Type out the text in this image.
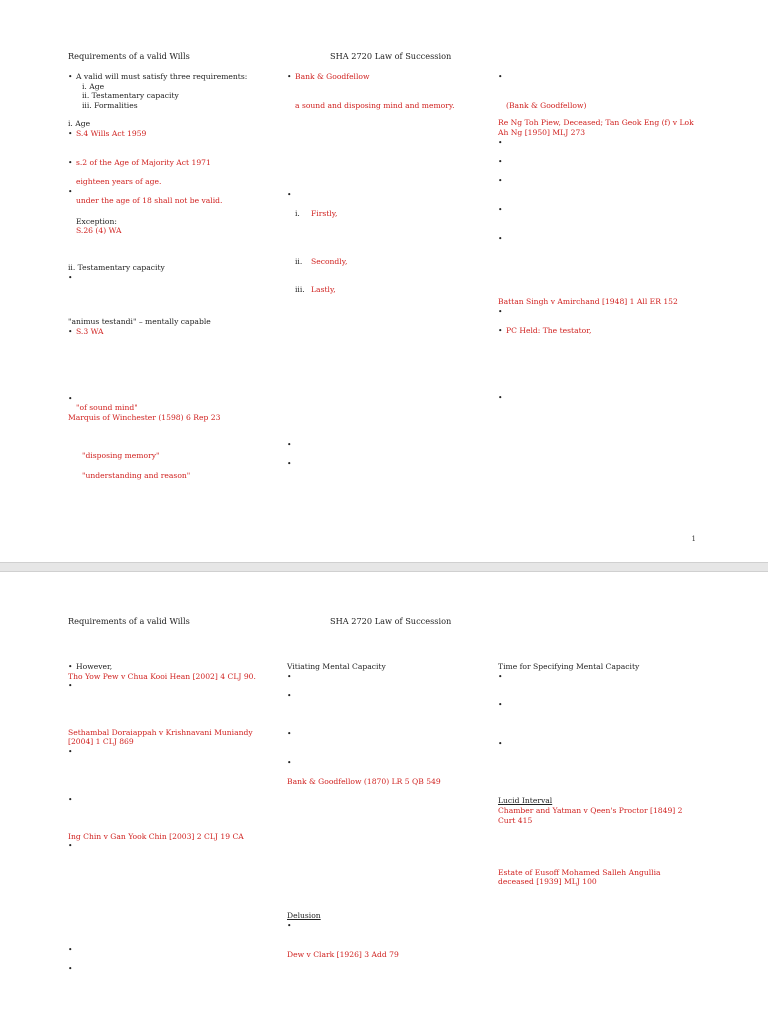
Requirements of a valid Wills	SHA 2720 Law of Succession
• A valid will must satisfy three requirements:
i. Age
ii. Testamentary capacity
iii. Formalities
i. Age
• S.4 Wills Act 1959
• s.2 of the Age of Majority Act 1971
eighteen years of age.
• under the age of 18 shall not be valid.
Exception:
S.26 (4) WA
ii. Testamentary capacity
•
"animus testandi" – mentally capable
• S.3 WA
• "of sound mind"
Marquis of Winchester (1598) 6 Rep 23
"disposing memory"
"understanding and reason"
• Bank & Goodfellow
a sound and disposing mind and memory.
•
i. Firstly,
ii. Secondly,
iii. Lastly,
•
•
• (Bank & Goodfellow)
Re Ng Toh Piew, Deceased; Tan Geok Eng (f) v Lok Ah Ng [1950] MLJ 273
•
•
•
•
•
Battan Singh v Amirchand [1948] 1 All ER 152
•
• PC Held: The testator,
•
1
Requirements of a valid Wills	SHA 2720 Law of Succession
• However,
Tho Yow Pew v Chua Kooi Hean [2002] 4 CLJ 90.
•
Sethambal Doraiappah v Krishnavani Muniandy [2004] 1 CLJ 869
•
•
Ing Chin v Gan Yook Chin [2003] 2 CLJ 19 CA
•
•
•
Vitiating Mental Capacity
•
•
•
•
Bank & Goodfellow (1870) LR 5 QB 549
Delusion
•
Dew v Clark [1926] 3 Add 79
Time for Specifying Mental Capacity
•
•
•
Lucid Interval
Chamber and Yatman v Qeen's Proctor [1849] 2 Curt 415
Estate of Eusoff Mohamed Salleh Angullia deceased [1939] MLJ 100
